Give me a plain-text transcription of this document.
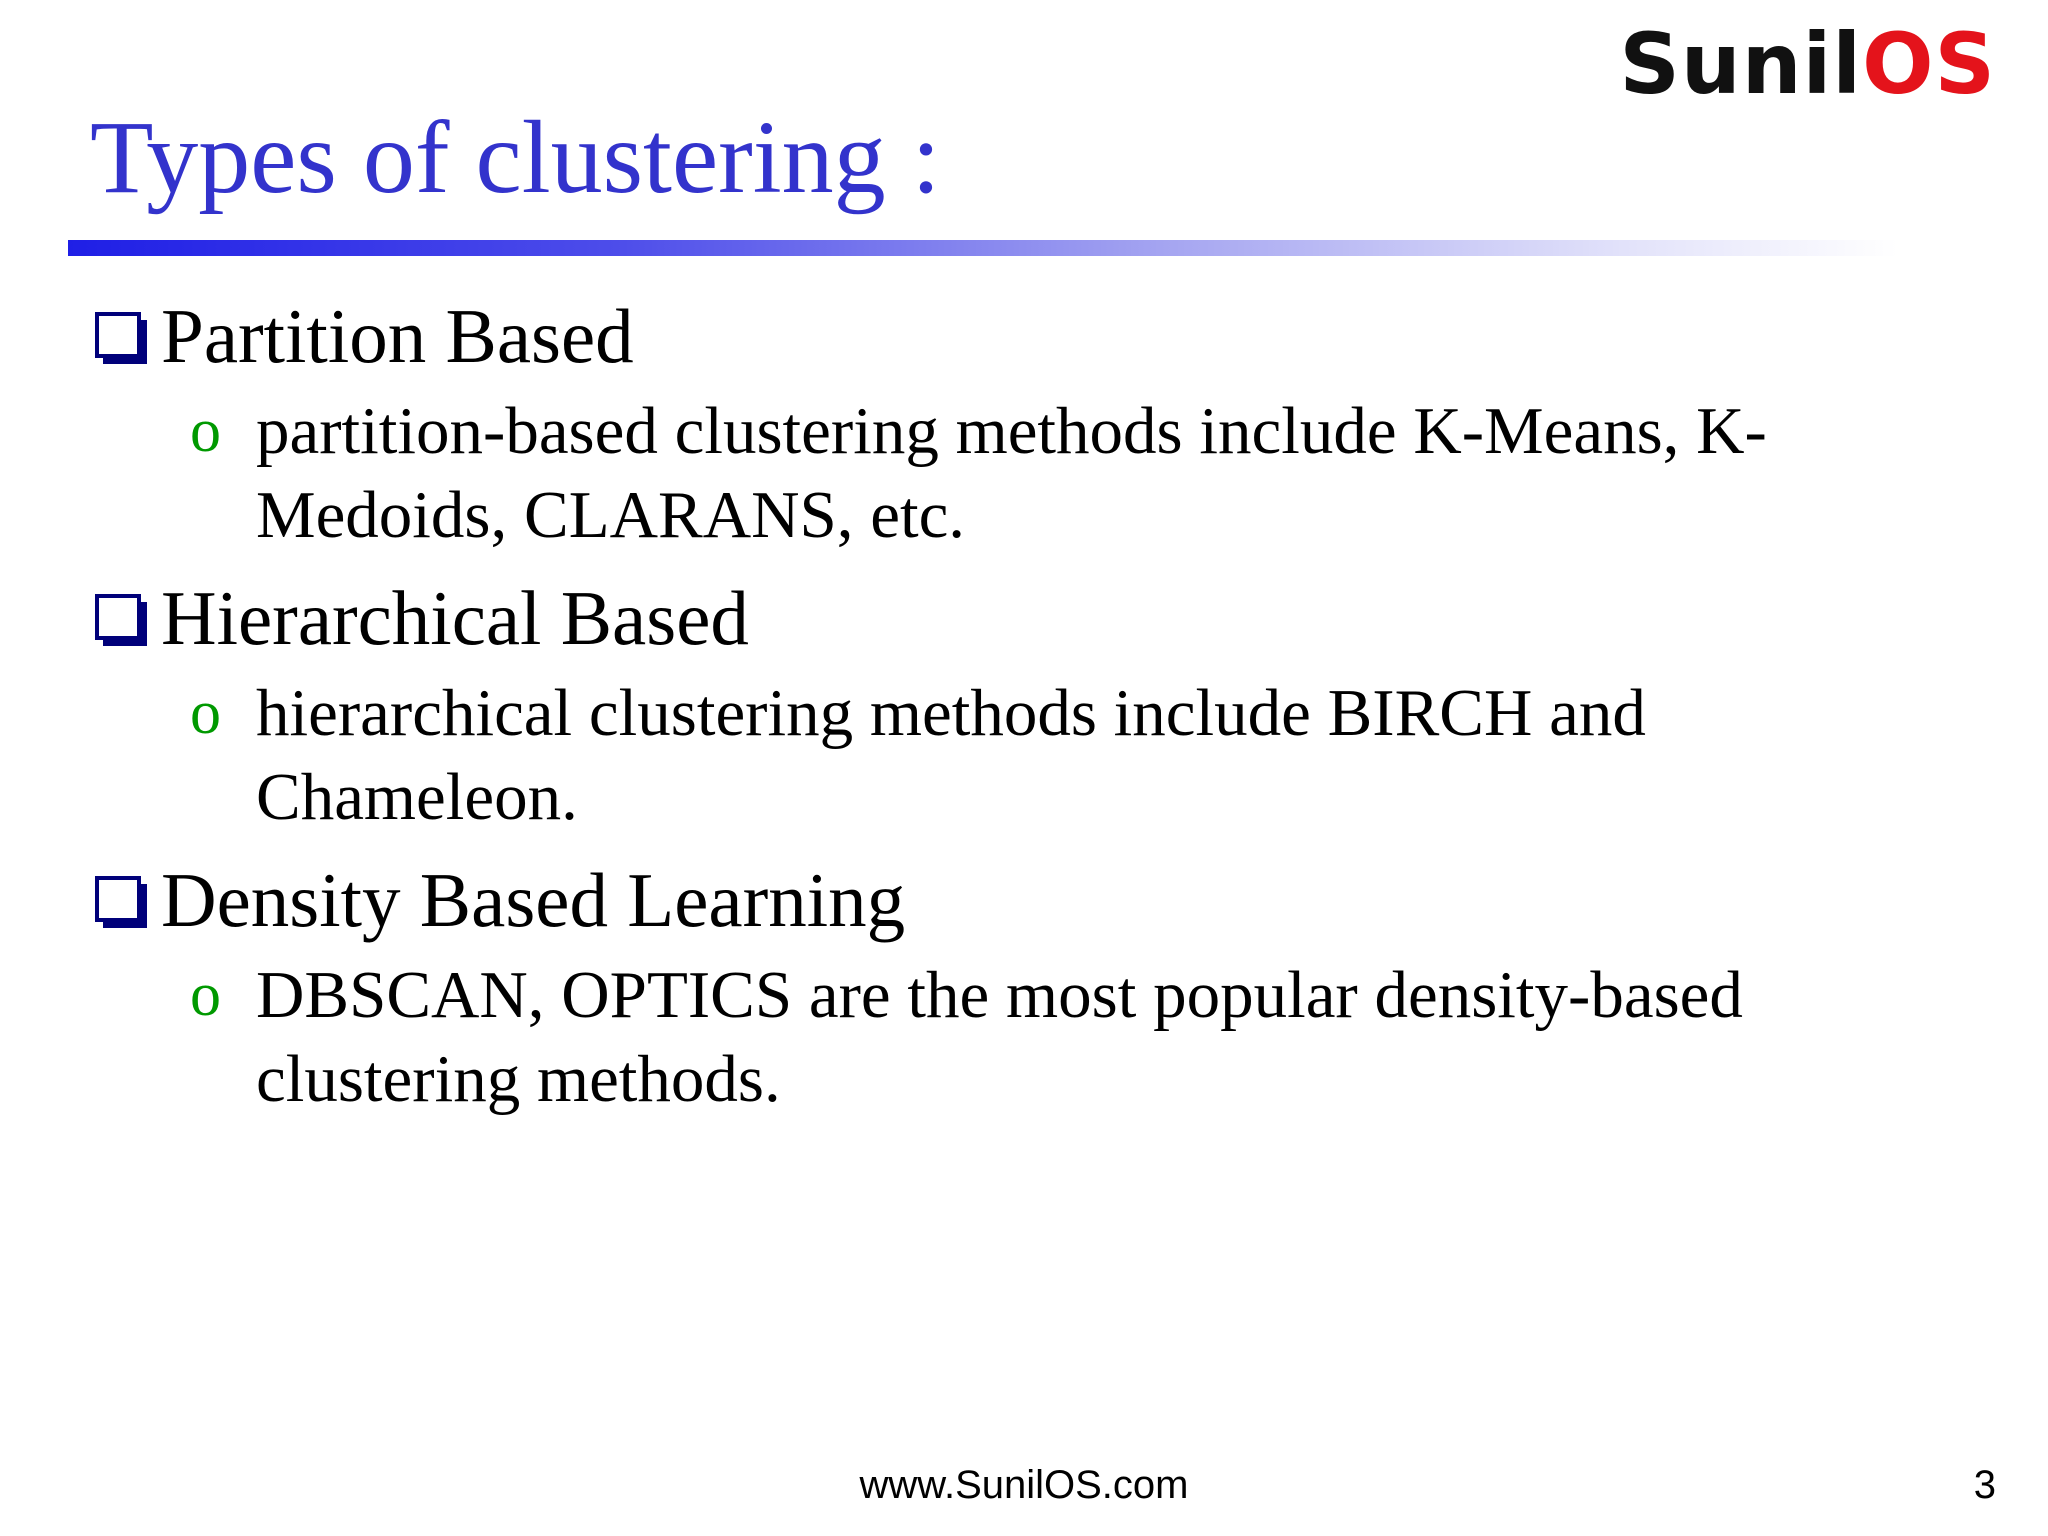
SunilOS
Types of clustering :
Partition Based
o partition-based clustering methods include K-Means, K-Medoids, CLARANS, etc.
Hierarchical Based
o hierarchical clustering methods include BIRCH and Chameleon.
Density Based Learning
o DBSCAN, OPTICS are the most popular density-based clustering methods.
www.SunilOS.com	3
